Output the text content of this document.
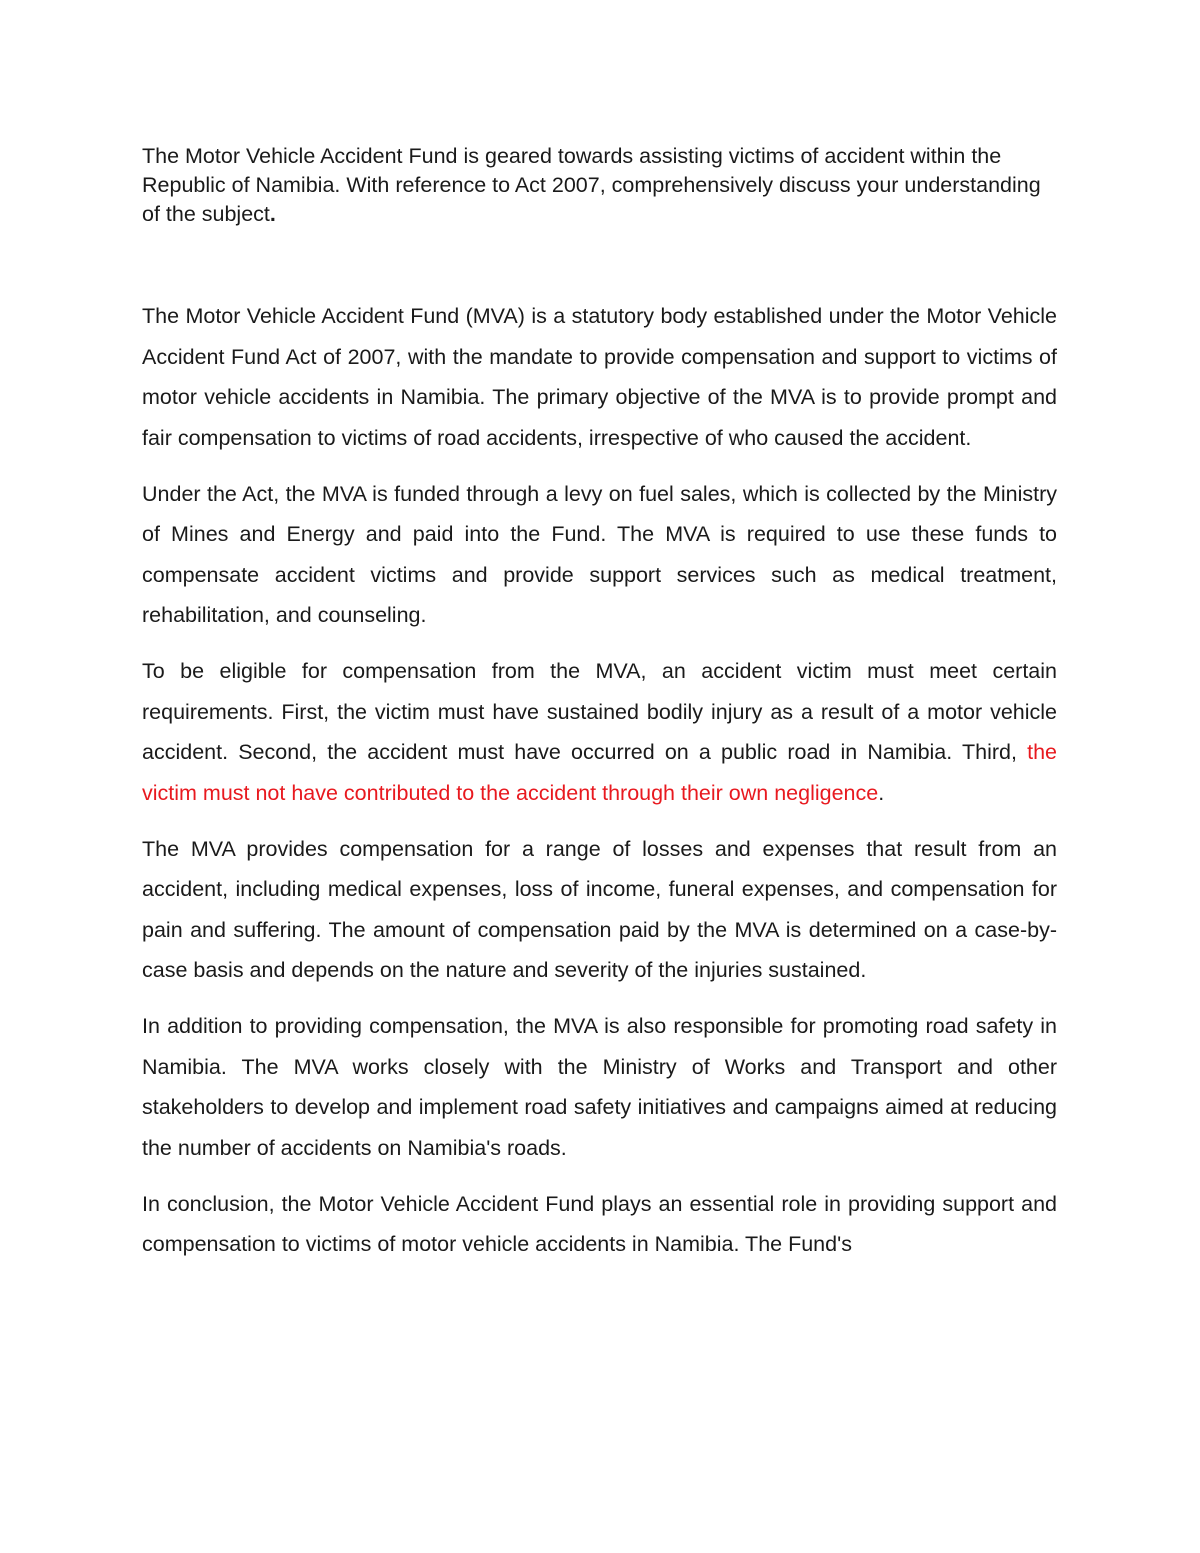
The Motor Vehicle Accident Fund is geared towards assisting victims of accident within the Republic of Namibia. With reference to Act 2007, comprehensively discuss your understanding of the subject.

The Motor Vehicle Accident Fund (MVA) is a statutory body established under the Motor Vehicle Accident Fund Act of 2007, with the mandate to provide compensation and support to victims of motor vehicle accidents in Namibia. The primary objective of the MVA is to provide prompt and fair compensation to victims of road accidents, irrespective of who caused the accident.

Under the Act, the MVA is funded through a levy on fuel sales, which is collected by the Ministry of Mines and Energy and paid into the Fund. The MVA is required to use these funds to compensate accident victims and provide support services such as medical treatment, rehabilitation, and counseling.

To be eligible for compensation from the MVA, an accident victim must meet certain requirements. First, the victim must have sustained bodily injury as a result of a motor vehicle accident. Second, the accident must have occurred on a public road in Namibia. Third, the victim must not have contributed to the accident through their own negligence.

The MVA provides compensation for a range of losses and expenses that result from an accident, including medical expenses, loss of income, funeral expenses, and compensation for pain and suffering. The amount of compensation paid by the MVA is determined on a case-by-case basis and depends on the nature and severity of the injuries sustained.

In addition to providing compensation, the MVA is also responsible for promoting road safety in Namibia. The MVA works closely with the Ministry of Works and Transport and other stakeholders to develop and implement road safety initiatives and campaigns aimed at reducing the number of accidents on Namibia's roads.

In conclusion, the Motor Vehicle Accident Fund plays an essential role in providing support and compensation to victims of motor vehicle accidents in Namibia. The Fund's
